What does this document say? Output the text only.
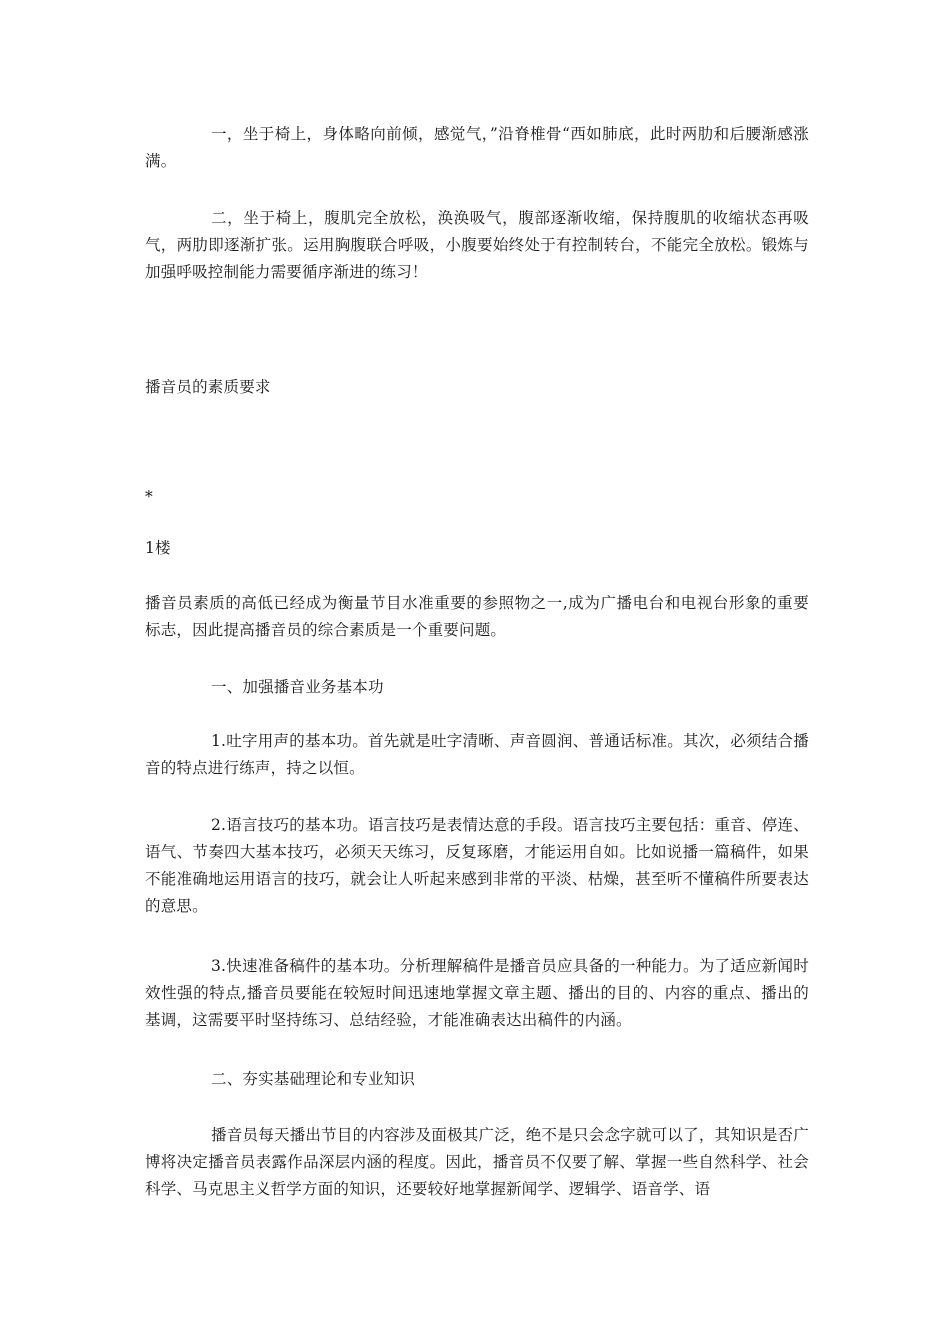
一，坐于椅上，身体略向前倾，感觉气，”沿脊椎骨“西如肺底，此时两肋和后腰渐感涨满。

二，坐于椅上，腹肌完全放松，涣涣吸气，腹部逐渐收缩，保持腹肌的收缩状态再吸气，两肋即逐渐扩张。运用胸腹联合呼吸，小腹要始终处于有控制转台，不能完全放松。锻炼与加强呼吸控制能力需要循序渐进的练习！

播音员的素质要求

*

1楼

播音员素质的高低已经成为衡量节目水准重要的参照物之一,成为广播电台和电视台形象的重要标志，因此提高播音员的综合素质是一个重要问题。

一、加强播音业务基本功

1.吐字用声的基本功。首先就是吐字清晰、声音圆润、普通话标准。其次，必须结合播音的特点进行练声，持之以恒。

2.语言技巧的基本功。语言技巧是表情达意的手段。语言技巧主要包括：重音、停连、语气、节奏四大基本技巧，必须天天练习，反复琢磨，才能运用自如。比如说播一篇稿件，如果不能准确地运用语言的技巧，就会让人听起来感到非常的平淡、枯燥，甚至听不懂稿件所要表达的意思。

3.快速准备稿件的基本功。分析理解稿件是播音员应具备的一种能力。为了适应新闻时效性强的特点,播音员要能在较短时间迅速地掌握文章主题、播出的目的、内容的重点、播出的基调，这需要平时坚持练习、总结经验，才能准确表达出稿件的内涵。

二、夯实基础理论和专业知识

播音员每天播出节目的内容涉及面极其广泛，绝不是只会念字就可以了，其知识是否广博将决定播音员表露作品深层内涵的程度。因此，播音员不仅要了解、掌握一些自然科学、社会科学、马克思主义哲学方面的知识，还要较好地掌握新闻学、逻辑学、语音学、语
